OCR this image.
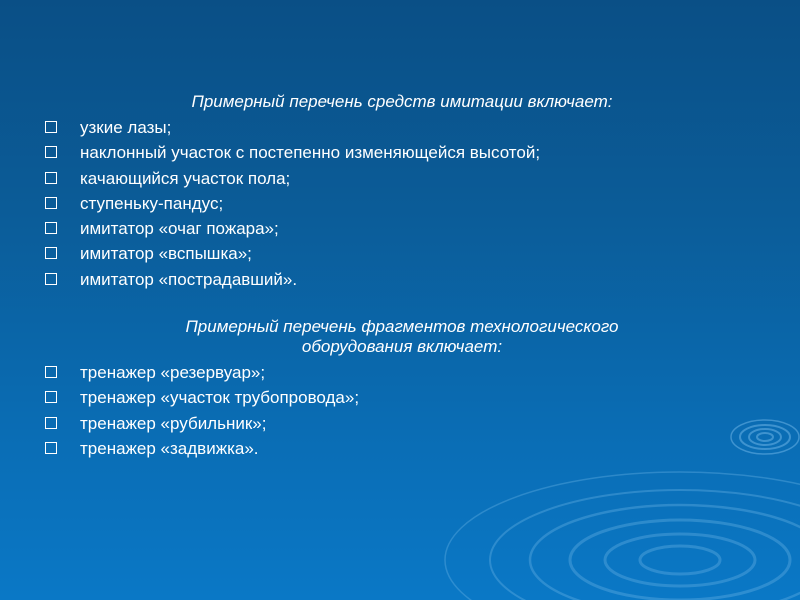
Примерный перечень средств имитации включает:
узкие лазы;
наклонный участок с постепенно изменяющейся высотой;
качающийся участок пола;
ступеньку-пандус;
имитатор «очаг пожара»;
имитатор «вспышка»;
имитатор «пострадавший».
Примерный перечень фрагментов технологического оборудования включает:
тренажер «резервуар»;
тренажер «участок трубопровода»;
тренажер «рубильник»;
тренажер «задвижка».
